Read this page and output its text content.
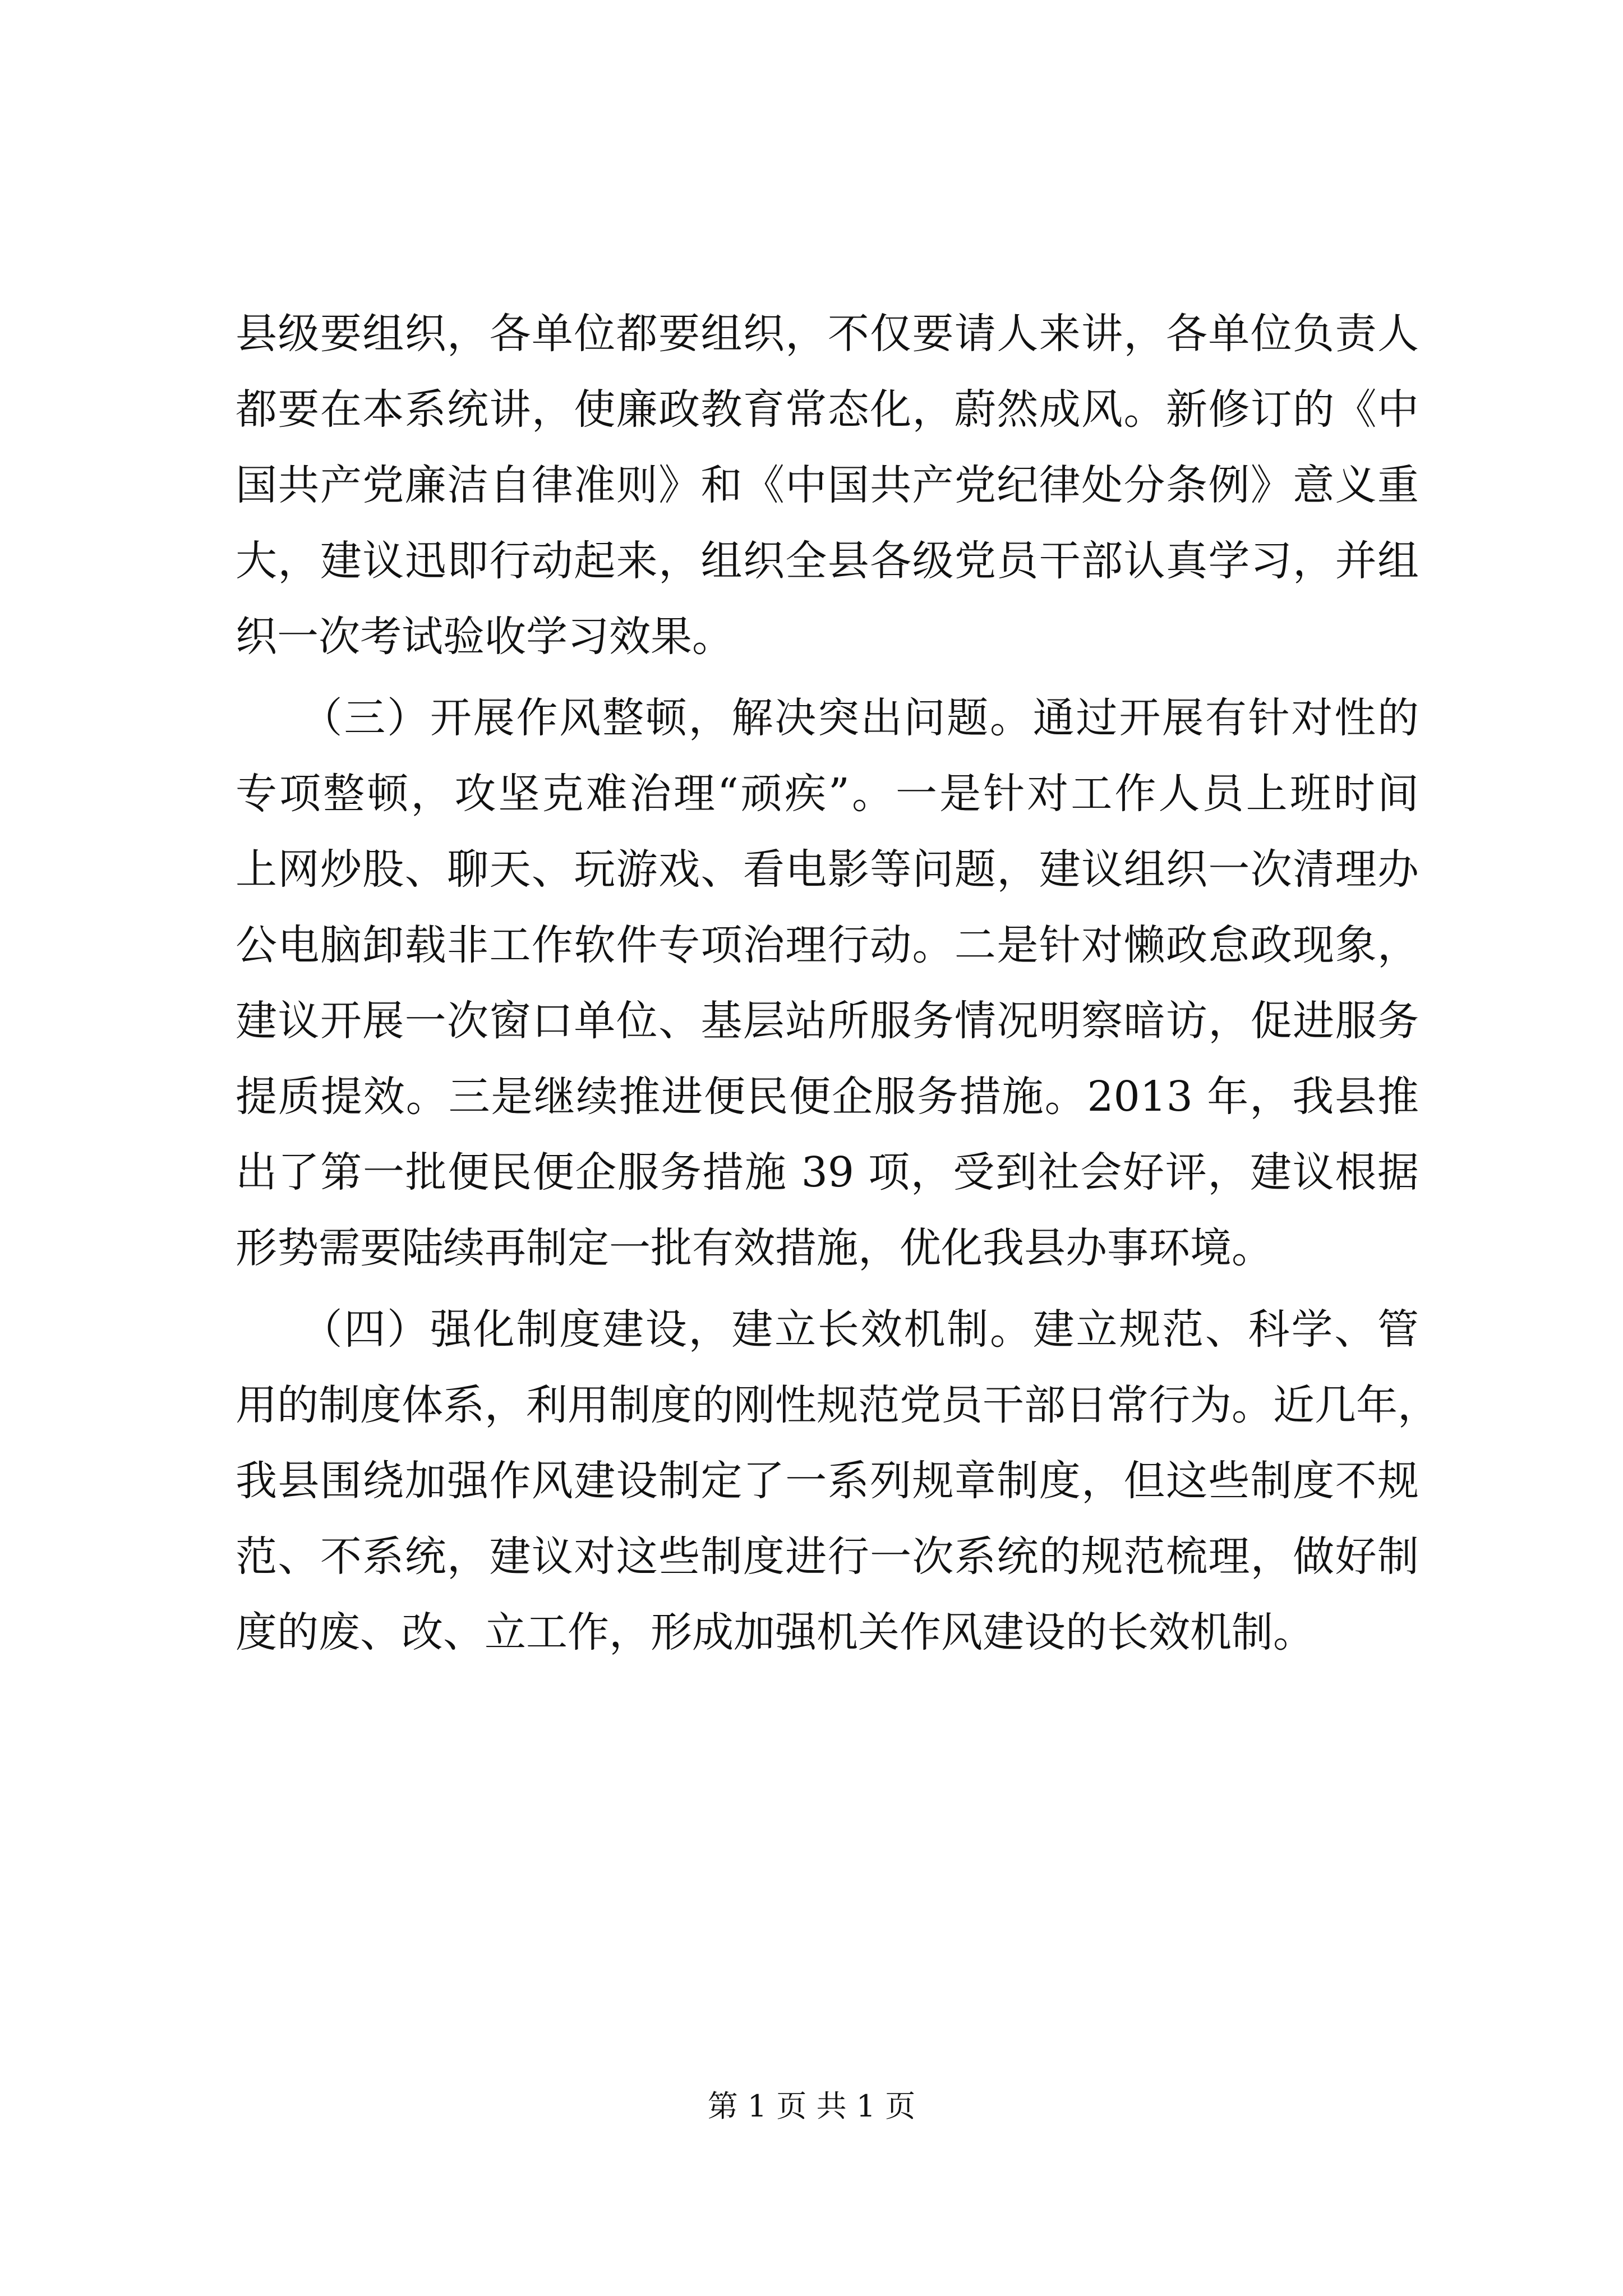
县级要组织，各单位都要组织，不仅要请人来讲，各单位负责人
都要在本系统讲，使廉政教育常态化，蔚然成风。新修订的《中
国共产党廉洁自律准则》和《中国共产党纪律处分条例》意义重
大，建议迅即行动起来，组织全县各级党员干部认真学习，并组
织一次考试验收学习效果。
　　（三）开展作风整顿，解决突出问题。通过开展有针对性的
专项整顿，攻坚克难治理“顽疾”。一是针对工作人员上班时间
上网炒股、聊天、玩游戏、看电影等问题，建议组织一次清理办
公电脑卸载非工作软件专项治理行动。二是针对懒政怠政现象，
建议开展一次窗口单位、基层站所服务情况明察暗访，促进服务
提质提效。三是继续推进便民便企服务措施。2013 年，我县推
出了第一批便民便企服务措施 39 项，受到社会好评，建议根据
形势需要陆续再制定一批有效措施，优化我县办事环境。
　　（四）强化制度建设，建立长效机制。建立规范、科学、管
用的制度体系，利用制度的刚性规范党员干部日常行为。近几年，
我县围绕加强作风建设制定了一系列规章制度，但这些制度不规
范、不系统，建议对这些制度进行一次系统的规范梳理，做好制
度的废、改、立工作，形成加强机关作风建设的长效机制。
第 1 页 共 1 页
